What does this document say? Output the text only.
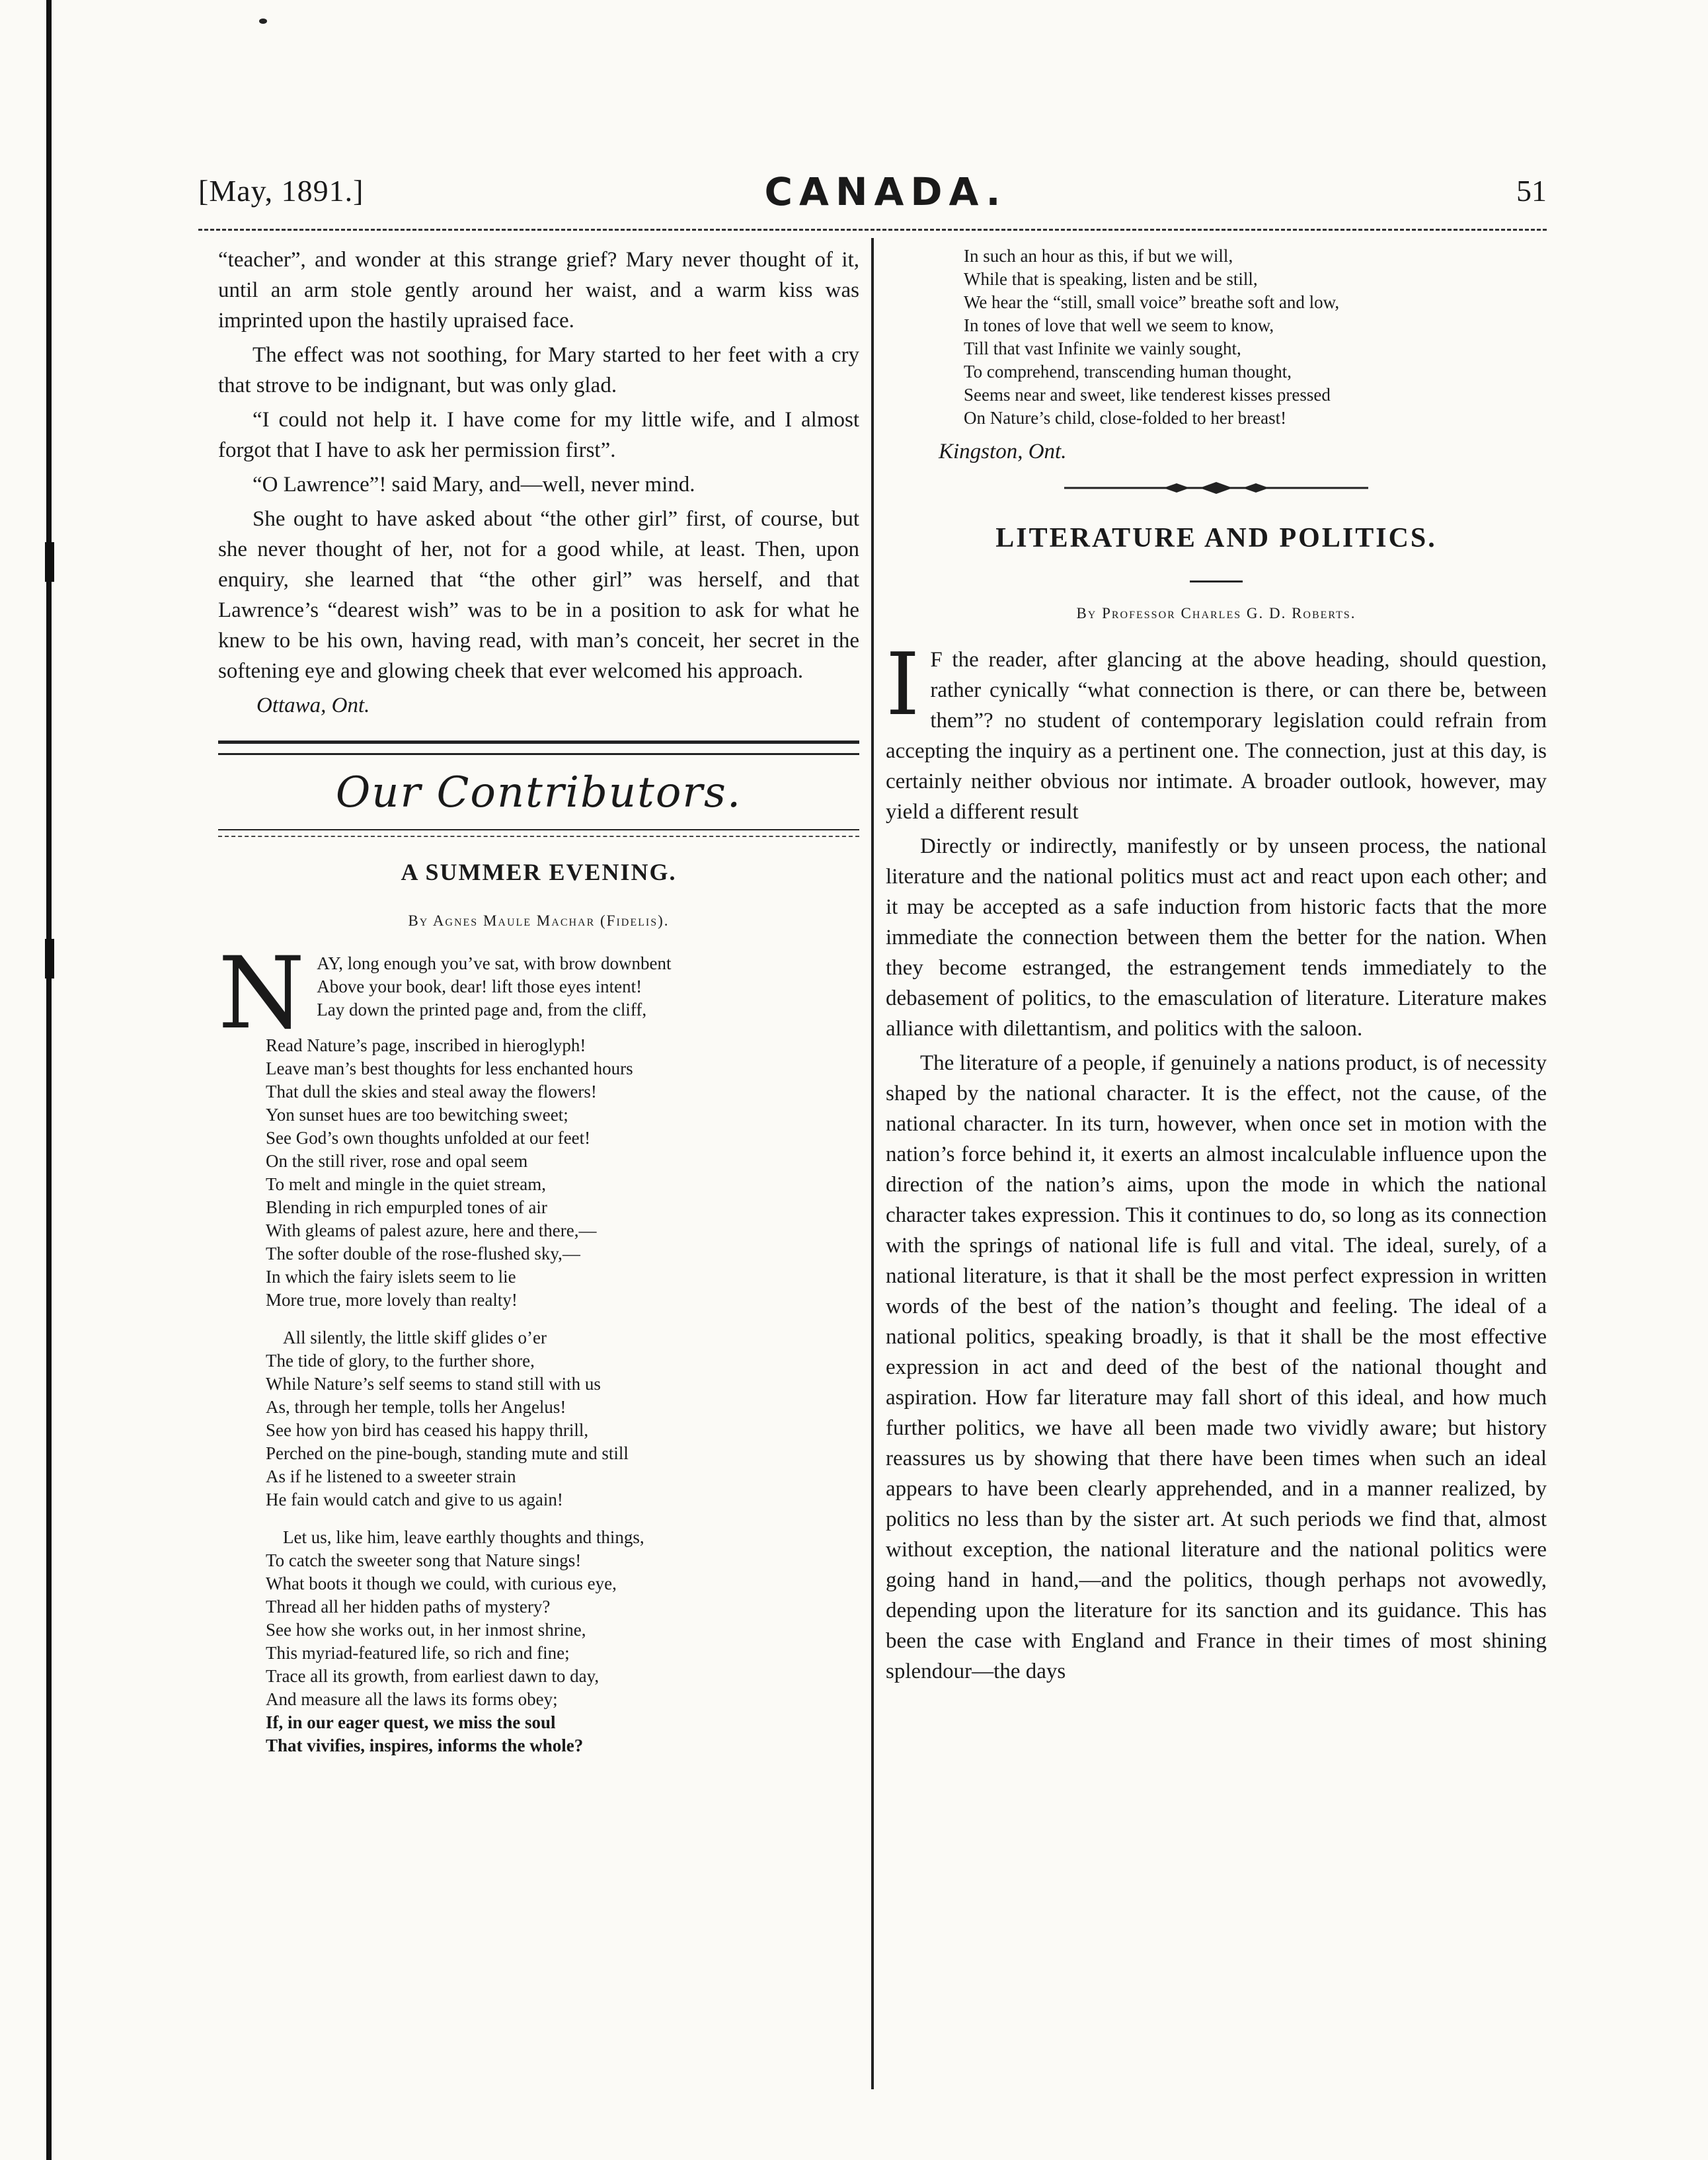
[May, 1891.]	CANADA.	51

“teacher”, and wonder at this strange grief? Mary never thought of it, until an arm stole gently around her waist, and a warm kiss was imprinted upon the hastily upraised face.

The effect was not soothing, for Mary started to her feet with a cry that strove to be indignant, but was only glad.

“I could not help it. I have come for my little wife, and I almost forgot that I have to ask her permission first”.

“O Lawrence”! said Mary, and—well, never mind.

She ought to have asked about “the other girl” first, of course, but she never thought of her, not for a good while, at least. Then, upon enquiry, she learned that “the other girl” was herself, and that Lawrence’s “dearest wish” was to be in a position to ask for what he knew to be his own, having read, with man’s conceit, her secret in the softening eye and glowing cheek that ever welcomed his approach.

Ottawa, Ont.
Our Contributors.
A SUMMER EVENING.
By Agnes Maule Machar (Fidelis).
N AY, long enough you’ve sat, with brow downbent
Above your book, dear! lift those eyes intent!
Lay down the printed page and, from the cliff,
Read Nature’s page, inscribed in hieroglyph!
Leave man’s best thoughts for less enchanted hours
That dull the skies and steal away the flowers!
Yon sunset hues are too bewitching sweet;
See God’s own thoughts unfolded at our feet!
On the still river, rose and opal seem
To melt and mingle in the quiet stream,
Blending in rich empurpled tones of air
With gleams of palest azure, here and there,—
The softer double of the rose-flushed sky,—
In which the fairy islets seem to lie
More true, more lovely than realty!
All silently, the little skiff glides o’er
The tide of glory, to the further shore,
While Nature’s self seems to stand still with us
As, through her temple, tolls her Angelus!
See how yon bird has ceased his happy thrill,
Perched on the pine-bough, standing mute and still
As if he listened to a sweeter strain
He fain would catch and give to us again!
Let us, like him, leave earthly thoughts and things,
To catch the sweeter song that Nature sings!
What boots it though we could, with curious eye,
Thread all her hidden paths of mystery?
See how she works out, in her inmost shrine,
This myriad-featured life, so rich and fine;
Trace all its growth, from earliest dawn to day,
And measure all the laws its forms obey;
If, in our eager quest, we miss the soul
That vivifies, inspires, informs the whole?
In such an hour as this, if but we will,
While that is speaking, listen and be still,
We hear the “still, small voice” breathe soft and low,
In tones of love that well we seem to know,
Till that vast Infinite we vainly sought,
To comprehend, transcending human thought,
Seems near and sweet, like tenderest kisses pressed
On Nature’s child, close-folded to her breast!
Kingston, Ont.
LITERATURE AND POLITICS.
By Professor Charles G. D. Roberts.

I F the reader, after glancing at the above heading, should question, rather cynically “what connection is there, or can there be, between them”? no student of contemporary legislation could refrain from accepting the inquiry as a pertinent one. The connection, just at this day, is certainly neither obvious nor intimate. A broader outlook, however, may yield a different result

Directly or indirectly, manifestly or by unseen process, the national literature and the national politics must act and react upon each other; and it may be accepted as a safe induction from historic facts that the more immediate the connection between them the better for the nation. When they become estranged, the estrangement tends immediately to the debasement of politics, to the emasculation of literature. Literature makes alliance with dilettantism, and politics with the saloon.

The literature of a people, if genuinely a nations product, is of necessity shaped by the national character. It is the effect, not the cause, of the national character. In its turn, however, when once set in motion with the nation’s force behind it, it exerts an almost incalculable influence upon the direction of the nation’s aims, upon the mode in which the national character takes expression. This it continues to do, so long as its connection with the springs of national life is full and vital. The ideal, surely, of a national literature, is that it shall be the most perfect expression in written words of the best of the nation’s thought and feeling. The ideal of a national politics, speaking broadly, is that it shall be the most effective expression in act and deed of the best of the national thought and aspiration. How far literature may fall short of this ideal, and how much further politics, we have all been made two vividly aware; but history reassures us by showing that there have been times when such an ideal appears to have been clearly apprehended, and in a manner realized, by politics no less than by the sister art. At such periods we find that, almost without exception, the national literature and the national politics were going hand in hand,—and the politics, though perhaps not avowedly, depending upon the literature for its sanction and its guidance. This has been the case with England and France in their times of most shining splendour—the days
